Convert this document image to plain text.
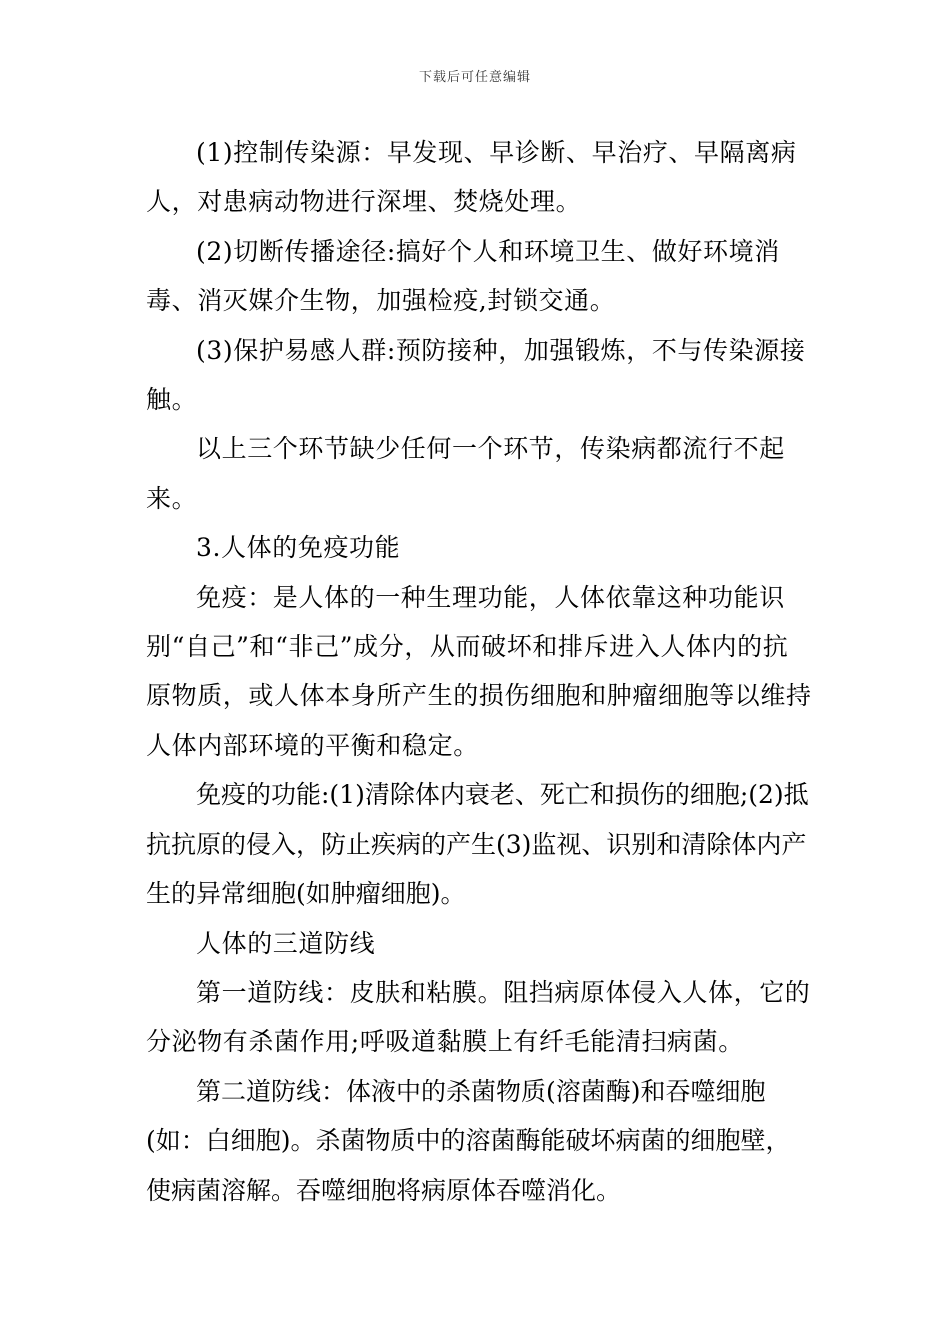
下载后可任意编辑

(1)控制传染源：早发现、早诊断、早治疗、早隔离病人，对患病动物进行深埋、焚烧处理。

(2)切断传播途径:搞好个人和环境卫生、做好环境消毒、消灭媒介生物，加强检疫,封锁交通。

(3)保护易感人群:预防接种，加强锻炼，不与传染源接触。

以上三个环节缺少任何一个环节，传染病都流行不起来。

3.人体的免疫功能

免疫：是人体的一种生理功能，人体依靠这种功能识别“自己”和“非己”成分，从而破坏和排斥进入人体内的抗原物质，或人体本身所产生的损伤细胞和肿瘤细胞等以维持人体内部环境的平衡和稳定。

免疫的功能:(1)清除体内衰老、死亡和损伤的细胞;(2)抵抗抗原的侵入，防止疾病的产生(3)监视、识别和清除体内产生的异常细胞(如肿瘤细胞)。

人体的三道防线

第一道防线：皮肤和粘膜。阻挡病原体侵入人体，它的分泌物有杀菌作用;呼吸道黏膜上有纤毛能清扫病菌。

第二道防线：体液中的杀菌物质(溶菌酶)和吞噬细胞(如：白细胞)。杀菌物质中的溶菌酶能破坏病菌的细胞壁，使病菌溶解。吞噬细胞将病原体吞噬消化。
